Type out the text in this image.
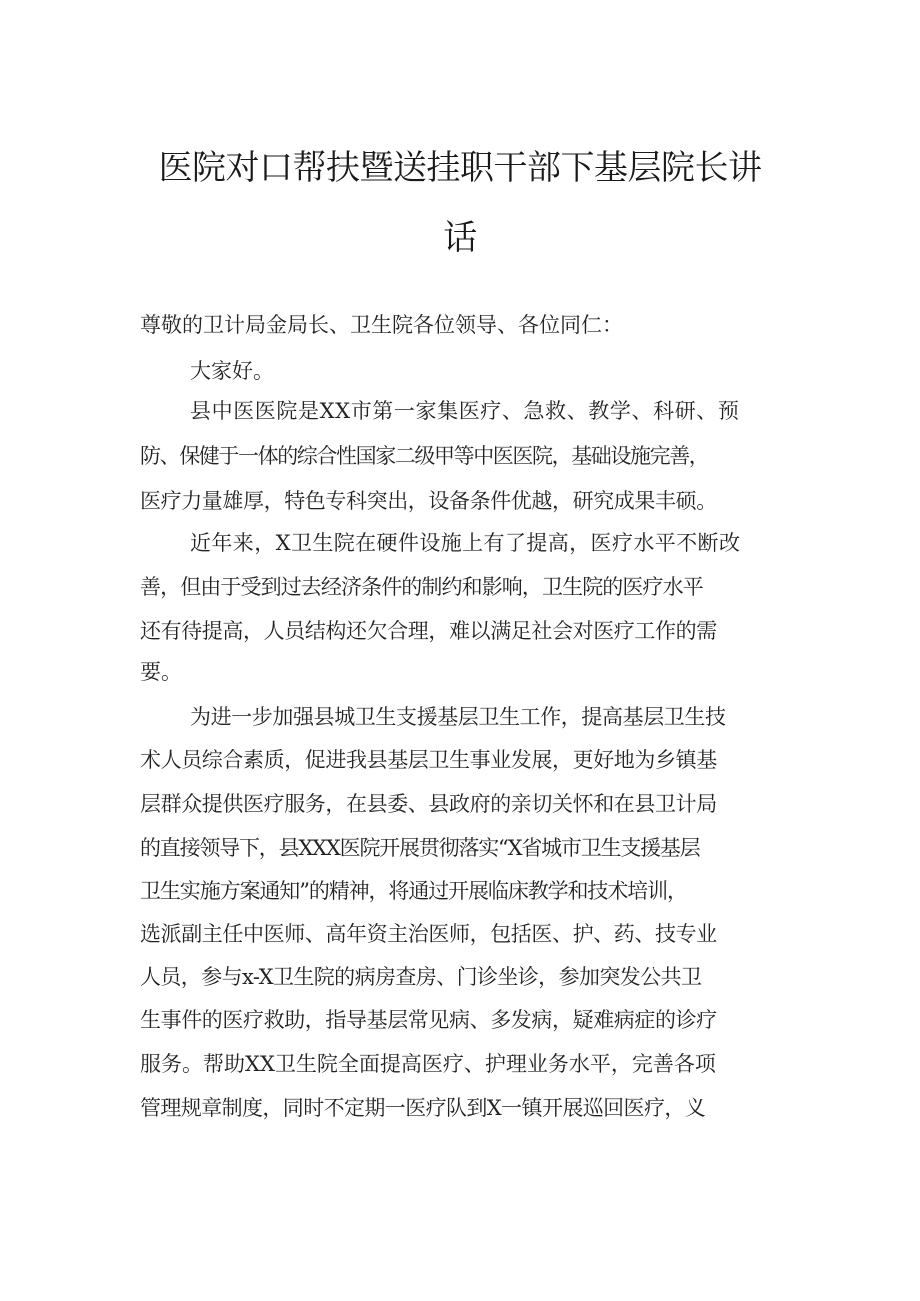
医院对口帮扶暨送挂职干部下基层院长讲
话

尊敬的卫计局金局长、卫生院各位领导、各位同仁：

大家好。

县中医医院是XX市第一家集医疗、急救、教学、科研、预

防、保健于一体的综合性国家二级甲等中医医院，基础设施完善，

医疗力量雄厚，特色专科突出，设备条件优越，研究成果丰硕。

近年来，X卫生院在硬件设施上有了提高，医疗水平不断改

善，但由于受到过去经济条件的制约和影响，卫生院的医疗水平

还有待提高，人员结构还欠合理，难以满足社会对医疗工作的需

要。

为进一步加强县城卫生支援基层卫生工作，提高基层卫生技

术人员综合素质，促进我县基层卫生事业发展，更好地为乡镇基

层群众提供医疗服务，在县委、县政府的亲切关怀和在县卫计局

的直接领导下，县XXX医院开展贯彻落实“X省城市卫生支援基层

卫生实施方案通知”的精神，将通过开展临床教学和技术培训，

选派副主任中医师、高年资主治医师，包括医、护、药、技专业

人员，参与x-X卫生院的病房查房、门诊坐诊，参加突发公共卫

生事件的医疗救助，指导基层常见病、多发病，疑难病症的诊疗

服务。帮助XX卫生院全面提高医疗、护理业务水平，完善各项

管理规章制度，同时不定期一医疗队到X一镇开展巡回医疗，义
